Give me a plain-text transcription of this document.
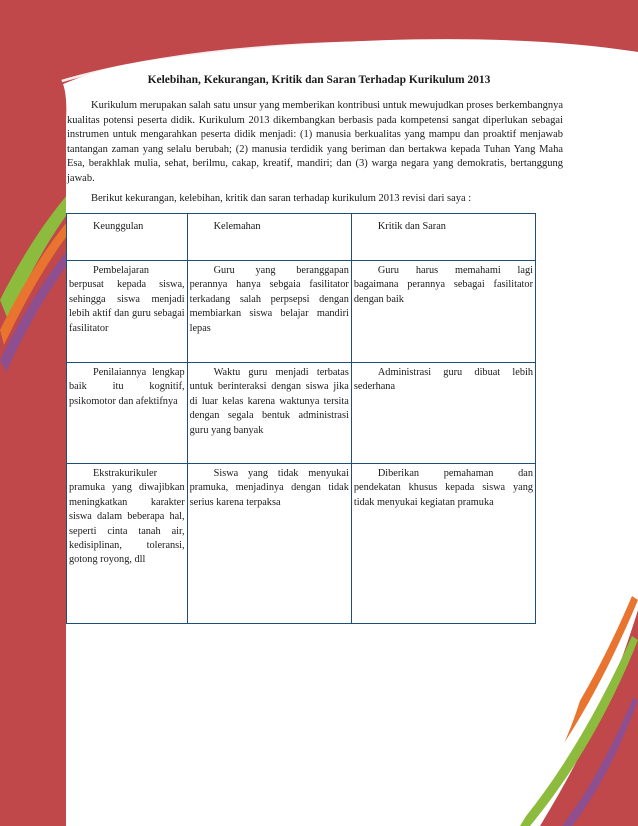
Kelebihan, Kekurangan, Kritik dan Saran Terhadap Kurikulum 2013

Kurikulum merupakan salah satu unsur yang memberikan kontribusi untuk mewujudkan proses berkembangnya kualitas potensi peserta didik. Kurikulum 2013 dikembangkan berbasis pada kompetensi sangat diperlukan sebagai instrumen untuk mengarahkan peserta didik menjadi: (1) manusia berkualitas yang mampu dan proaktif menjawab tantangan zaman yang selalu berubah; (2) manusia terdidik yang beriman dan bertakwa kepada Tuhan Yang Maha Esa, berakhlak mulia, sehat, berilmu, cakap, kreatif, mandiri; dan (3) warga negara yang demokratis, bertanggung jawab.

Berikut kekurangan, kelebihan, kritik dan saran terhadap kurikulum 2013 revisi dari saya :

Keunggulan	Kelemahan	Kritik dan Saran
Pembelajaran berpusat kepada siswa, sehingga siswa menjadi lebih aktif dan guru sebagai fasilitator	Guru yang beranggapan perannya hanya sebgaia fasilitator terkadang salah perpsepsi dengan membiarkan siswa belajar mandiri lepas	Guru harus memahami lagi bagaimana perannya sebagai fasilitator dengan baik
Penilaiannya lengkap baik itu kognitif, psikomotor dan afektifnya	Waktu guru menjadi terbatas untuk berinteraksi dengan siswa jika di luar kelas karena waktunya tersita dengan segala bentuk administrasi guru yang banyak	Administrasi guru dibuat lebih sederhana
Ekstrakurikuler pramuka yang diwajibkan meningkatkan karakter siswa dalam beberapa hal, seperti cinta tanah air, kedisiplinan, toleransi, gotong royong, dll	Siswa yang tidak menyukai pramuka, menjadinya dengan tidak serius karena terpaksa	Diberikan pemahaman dan pendekatan khusus kepada siswa yang tidak menyukai kegiatan pramuka
